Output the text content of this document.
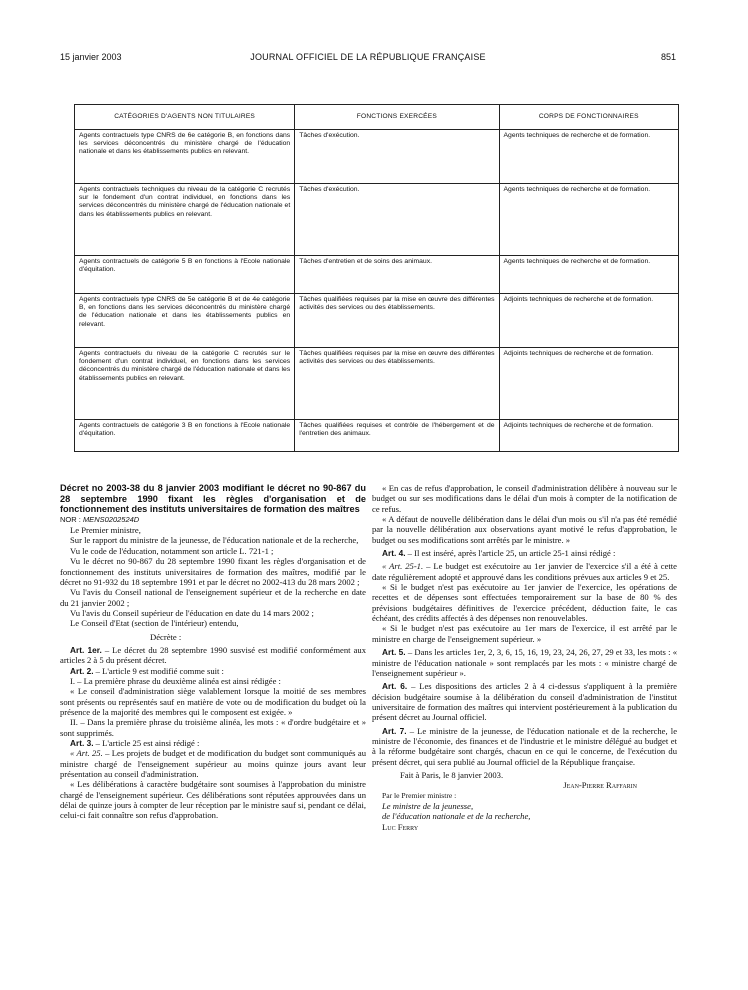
15 janvier 2003	JOURNAL OFFICIEL DE LA RÉPUBLIQUE FRANÇAISE	851
CATÉGORIES D'AGENTS NON TITULAIRES	FONCTIONS EXERCÉES	CORPS DE FONCTIONNAIRES
Agents contractuels type CNRS de 6e catégorie B, en fonctions dans les services déconcentrés du ministère chargé de l'éducation nationale et dans les établissements publics en relevant.	Tâches d'exécution.	Agents techniques de recherche et de formation.
Agents contractuels techniques du niveau de la catégorie C recrutés sur le fondement d'un contrat individuel, en fonctions dans les services déconcentrés du ministère chargé de l'éducation nationale et dans les établissements publics en relevant.	Tâches d'exécution.	Agents techniques de recherche et de formation.
Agents contractuels de catégorie 5 B en fonctions à l'Ecole nationale d'équitation.	Tâches d'entretien et de soins des animaux.	Agents techniques de recherche et de formation.
Agents contractuels type CNRS de 5e catégorie B et de 4e catégorie B, en fonctions dans les services déconcentrés du ministère chargé de l'éducation nationale et dans les établissements publics en relevant.	Tâches qualifiées requises par la mise en œuvre des différentes activités des services ou des établissements.	Adjoints techniques de recherche et de formation.
Agents contractuels du niveau de la catégorie C recrutés sur le fondement d'un contrat individuel, en fonctions dans les services déconcentrés du ministère chargé de l'éducation nationale et dans les établissements publics en relevant.	Tâches qualifiées requises par la mise en œuvre des différentes activités des services ou des établissements.	Adjoints techniques de recherche et de formation.
Agents contractuels de catégorie 3 B en fonctions à l'Ecole nationale d'équitation.	Tâches qualifiées requises et contrôle de l'hébergement et de l'entretien des animaux.	Adjoints techniques de recherche et de formation.

Décret no 2003-38 du 8 janvier 2003 modifiant le décret no 90-867 du 28 septembre 1990 fixant les règles d'organisation et de fonctionnement des instituts universitaires de formation des maîtres

NOR : MENS0202524D

Le Premier ministre,

Sur le rapport du ministre de la jeunesse, de l'éducation nationale et de la recherche,

Vu le code de l'éducation, notamment son article L. 721-1 ;

Vu le décret no 90-867 du 28 septembre 1990 fixant les règles d'organisation et de fonctionnement des instituts universitaires de formation des maîtres, modifié par le décret no 91-932 du 18 septembre 1991 et par le décret no 2002-413 du 28 mars 2002 ;

Vu l'avis du Conseil national de l'enseignement supérieur et de la recherche en date du 21 janvier 2002 ;

Vu l'avis du Conseil supérieur de l'éducation en date du 14 mars 2002 ;

Le Conseil d'Etat (section de l'intérieur) entendu,

Décrète :

Art. 1er. – Le décret du 28 septembre 1990 susvisé est modifié conformément aux articles 2 à 5 du présent décret.

Art. 2. – L'article 9 est modifié comme suit :

I. – La première phrase du deuxième alinéa est ainsi rédigée :

« Le conseil d'administration siège valablement lorsque la moitié de ses membres sont présents ou représentés sauf en matière de vote ou de modification du budget où la présence de la majorité des membres qui le composent est exigée. »

II. – Dans la première phrase du troisième alinéa, les mots : « d'ordre budgétaire et » sont supprimés.

Art. 3. – L'article 25 est ainsi rédigé :

« Art. 25. – Les projets de budget et de modification du budget sont communiqués au ministre chargé de l'enseignement supérieur au moins quinze jours avant leur présentation au conseil d'administration.

« Les délibérations à caractère budgétaire sont soumises à l'approbation du ministre chargé de l'enseignement supérieur. Ces délibérations sont réputées approuvées dans un délai de quinze jours à compter de leur réception par le ministre sauf si, pendant ce délai, celui-ci fait connaître son refus d'approbation.

« En cas de refus d'approbation, le conseil d'administration délibère à nouveau sur le budget ou sur ses modifications dans le délai d'un mois à compter de la notification de ce refus.

« A défaut de nouvelle délibération dans le délai d'un mois ou s'il n'a pas été remédié par la nouvelle délibération aux observations ayant motivé le refus d'approbation, le budget ou ses modifications sont arrêtés par le ministre. »

Art. 4. – Il est inséré, après l'article 25, un article 25-1 ainsi rédigé :

« Art. 25-1. – Le budget est exécutoire au 1er janvier de l'exercice s'il a été à cette date régulièrement adopté et approuvé dans les conditions prévues aux articles 9 et 25.

« Si le budget n'est pas exécutoire au 1er janvier de l'exercice, les opérations de recettes et de dépenses sont effectuées temporairement sur la base de 80 % des prévisions budgétaires définitives de l'exercice précédent, déduction faite, le cas échéant, des crédits affectés à des dépenses non renouvelables.

« Si le budget n'est pas exécutoire au 1er mars de l'exercice, il est arrêté par le ministre en charge de l'enseignement supérieur. »

Art. 5. – Dans les articles 1er, 2, 3, 6, 15, 16, 19, 23, 24, 26, 27, 29 et 33, les mots : « ministre de l'éducation nationale » sont remplacés par les mots : « ministre chargé de l'enseignement supérieur ».

Art. 6. – Les dispositions des articles 2 à 4 ci-dessus s'appliquent à la première décision budgétaire soumise à la délibération du conseil d'administration de l'institut universitaire de formation des maîtres qui intervient postérieurement à la publication du présent décret au Journal officiel.

Art. 7. – Le ministre de la jeunesse, de l'éducation nationale et de la recherche, le ministre de l'économie, des finances et de l'industrie et le ministre délégué au budget et à la réforme budgétaire sont chargés, chacun en ce qui le concerne, de l'exécution du présent décret, qui sera publié au Journal officiel de la République française.

Fait à Paris, le 8 janvier 2003.

Jean-Pierre Raffarin

Par le Premier ministre :

Le ministre de la jeunesse,

de l'éducation nationale et de la recherche,

Luc Ferry
